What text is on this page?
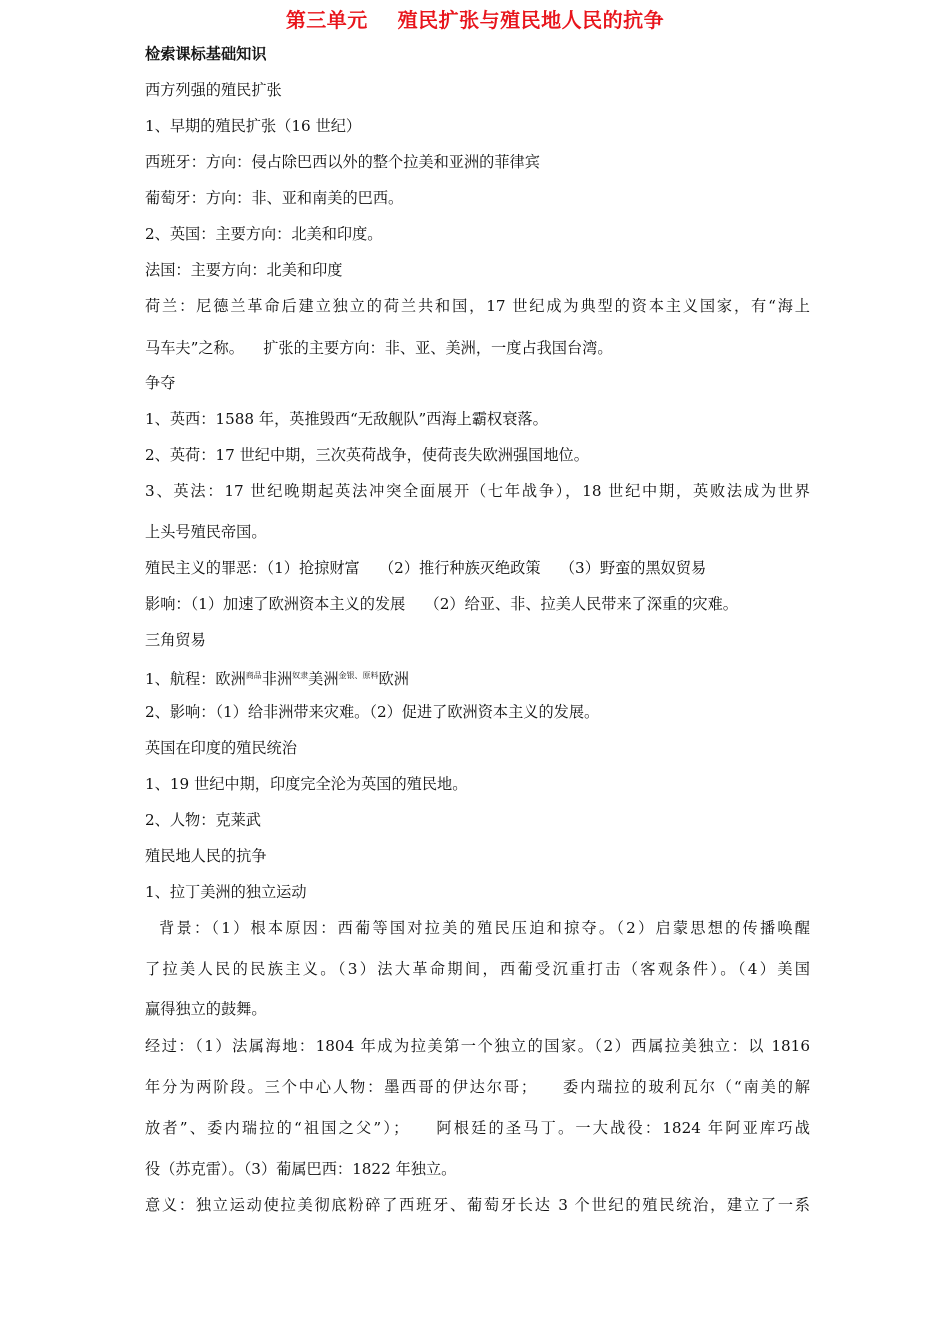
第三单元    殖民扩张与殖民地人民的抗争
检索课标基础知识
西方列强的殖民扩张
1、早期的殖民扩张（16 世纪）
西班牙：方向：侵占除巴西以外的整个拉美和亚洲的菲律宾
葡萄牙：方向：非、亚和南美的巴西。
2、英国：主要方向：北美和印度。
法国：主要方向：北美和印度
荷兰：尼德兰革命后建立独立的荷兰共和国，17 世纪成为典型的资本主义国家，有“海上
马车夫”之称。    扩张的主要方向：非、亚、美洲，一度占我国台湾。
争夺
1、英西：1588 年，英推毁西“无敌舰队”西海上霸权衰落。
2、英荷：17 世纪中期，三次英荷战争，使荷丧失欧洲强国地位。
3、英法：17 世纪晚期起英法冲突全面展开（七年战争），18 世纪中期，英败法成为世界
上头号殖民帝国。
殖民主义的罪恶：（1）抢掠财富    （2）推行种族灭绝政策    （3）野蛮的黑奴贸易
影响：（1）加速了欧洲资本主义的发展    （2）给亚、非、拉美人民带来了深重的灾难。
三角贸易
1、航程：欧洲$^{商品}$非洲$^{奴隶}$美洲$^{金银、原料}$欧洲
2、影响：（1）给非洲带来灾难。（2）促进了欧洲资本主义的发展。
英国在印度的殖民统治
1、19 世纪中期，印度完全沦为英国的殖民地。
2、人物：克莱武
殖民地人民的抗争
1、拉丁美洲的独立运动
背景：（1）根本原因：西葡等国对拉美的殖民压迫和掠夺。（2）启蒙思想的传播唤醒
了拉美人民的民族主义。（3）法大革命期间，西葡受沉重打击（客观条件）。（4）美国
赢得独立的鼓舞。
经过：（1）法属海地：1804 年成为拉美第一个独立的国家。（2）西属拉美独立：以 1816
年分为两阶段。三个中心人物：墨西哥的伊达尔哥；    委内瑞拉的玻利瓦尔（“南美的解
放者”、委内瑞拉的“祖国之父”）；    阿根廷的圣马丁。一大战役：1824 年阿亚库巧战
役（苏克雷）。（3）葡属巴西：1822 年独立。
意义：独立运动使拉美彻底粉碎了西班牙、葡萄牙长达 3 个世纪的殖民统治，建立了一系
